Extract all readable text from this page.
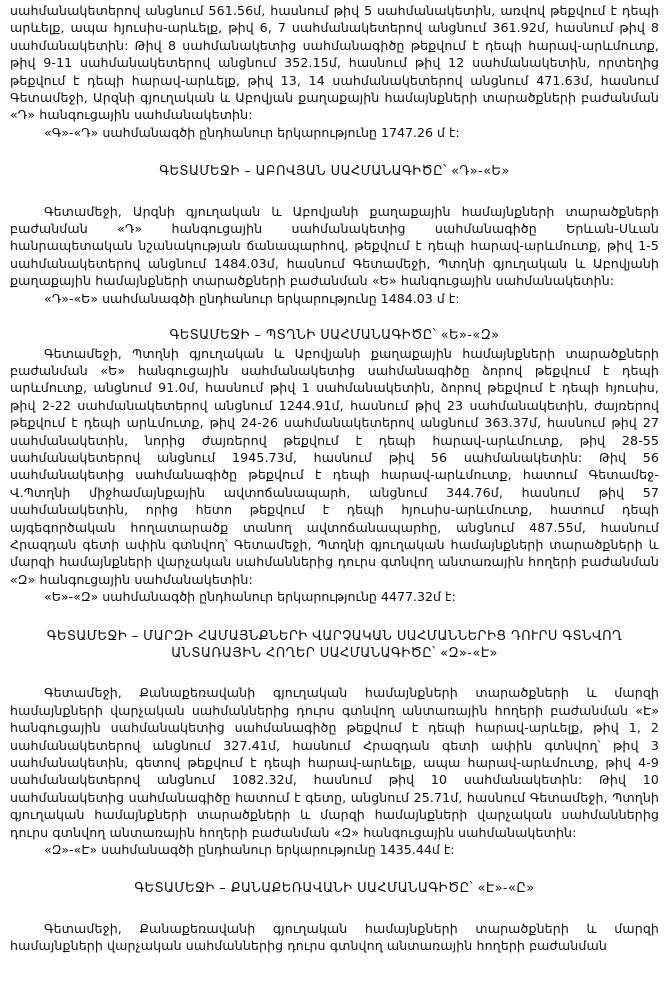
սահմանակետերով անցնում 561.56մ, հասնում թիվ 5 սահմանակետին, առվով թեքվում է դեպի արևելք, ապա հյուսիս-արևելք, թիվ 6, 7 սահմանակետերով անցնում 361.92մ, հասնում թիվ 8 սահմանակետին: Թիվ 8 սահմանակետից սահմանագիծը թեքվում է դեպի հարավ-արևմուտք, թիվ 9-11 սահմանակետերով անցնում 352.15մ, հասնում թիվ 12 սահմանակետին, որտեղից թեքվում է դեպի հարավ-արևելք, թիվ 13, 14 սահմանակետերով անցնում 471.63մ, հասնում Գետամեջի, Արզնի գյուղական և Աբովյան քաղաքային համայնքների տարածքների բաժանման «Դ» հանգուցային սահմանակետին:

«Գ»-«Դ» սահմանագծի ընդհանուր երկարությունը 1747.26 մ է:

ԳԵՏԱՄԵՋԻ – ԱԲՈՎՅԱՆ ՍԱՀՄԱՆԱԳԻԾԸ՝ «Դ»-«Ե»

Գետամեջի, Արզնի գյուղական և Աբովյանի քաղաքային համայնքների տարածքների բաժանման «Դ» հանգուցային սահմանակետից սահմանագիծը Երևան-Սևան հանրապետական նշանակության ճանապարհով, թեքվում է դեպի հարավ-արևմուտք, թիվ 1-5 սահմանակետերով անցնում 1484.03մ, հասնում Գետամեջի, Պտղնի գյուղական և Աբովյանի քաղաքային համայնքների տարածքների բաժանման «Ե» հանգուցային սահմանակետին:

«Դ»-«Ե» սահմանագծի ընդհանուր երկարությունը 1484.03 մ է:

ԳԵՏԱՄԵՋԻ – ՊՏՂՆԻ ՍԱՀՄԱՆԱԳԻԾԸ՝ «Ե»-«Զ»

Գետամեջի, Պտղնի գյուղական և Աբովյանի քաղաքային համայնքների տարածքների բաժանման «Ե» հանգուցային սահմանակետից սահմանագիծը ձորով թեքվում է դեպի արևմուտք, անցնում 91.0մ, հասնում թիվ 1 սահմանակետին, ձորով թեքվում է դեպի հյուսիս, թիվ 2-22 սահմանակետերով անցնում 1244.91մ, հասնում թիվ 23 սահմանակետին, ժայռերով թեքվում է դեպի արևմուտք, թիվ 24-26 սահմանակետերով անցնում 363.37մ, հասնում թիվ 27 սահմանակետին, նորից ժայռերով թեքվում է դեպի հարավ-արևմուտք, թիվ 28-55 սահմանակետերով անցնում 1945.73մ, հասնում թիվ 56 սահմանակետին: Թիվ 56 սահմանակետից սահմանագիծը թեքվում է դեպի հարավ-արևմուտք, հատում Գետամեջ-Վ.Պտղնի միջհամայնքային ավտոճանապարհ, անցնում 344.76մ, հասնում թիվ 57 սահմանակետին, որից հետո թեքվում է դեպի հյուսիս-արևմուտք, հատում դեպի այգեգործական հողատարածք տանող ավտոճանապարհը, անցնում 487.55մ, հասնում Հրազդան գետի ափին գտնվող՝ Գետամեջի, Պտղնի գյուղական համայնքների տարածքների և մարզի համայնքների վարչական սահմաններից դուրս գտնվող անտառային հողերի բաժանման «Զ» հանգուցային սահմանակետին:

«Ե»-«Զ» սահմանագծի ընդհանուր երկարությունը 4477.32մ է:

ԳԵՏԱՄԵՋԻ – ՄԱՐԶԻ ՀԱՄԱՅՆՔՆԵՐԻ ՎԱՐՉԱԿԱՆ ՍԱՀՄԱՆՆԵՐԻՑ ԴՈՒՐՍ ԳՏՆՎՈՂ ԱՆՏԱՌԱՅԻՆ ՀՈՂԵՐ ՍԱՀՄԱՆԱԳԻԾԸ՝ «Զ»-«Է»

Գետամեջի, Քանաքեռավանի գյուղական համայնքների տարածքների և մարզի համայնքների վարչական սահմաններից դուրս գտնվող անտառային հողերի բաժանման «Է» հանգուցային սահմանակետից սահմանագիծը թեքվում է դեպի հարավ-արևելք, թիվ 1, 2 սահմանակետերով անցնում 327.41մ, հասնում Հրազդան գետի ափին գտնվող՝ թիվ 3 սահմանակետին, գետով թեքվում է դեպի հարավ-արևելք, ապա հարավ-արևմուտք, թիվ 4-9 սահմանակետերով անցնում 1082.32մ, հասնում թիվ 10 սահմանակետին: Թիվ 10 սահմանակետից սահմանագիծը հատում է գետը, անցնում 25.71մ, հասնում Գետամեջի, Պտղնի գյուղական համայնքների տարածքների և մարզի համայնքների վարչական սահմաններից դուրս գտնվող անտառային հողերի բաժանման «Զ» հանգուցային սահմանակետին:

«Զ»-«Է» սահմանագծի ընդհանուր երկարությունը 1435.44մ է:

ԳԵՏԱՄԵՋԻ – ՔԱՆԱՔԵՌԱՎԱՆԻ ՍԱՀՄԱՆԱԳԻԾԸ՝ «Է»-«Ը»

Գետամեջի, Քանաքեռավանի գյուղական համայնքների տարածքների և մարզի համայնքների վարչական սահմաններից դուրս գտնվող անտառային հողերի բաժանման
